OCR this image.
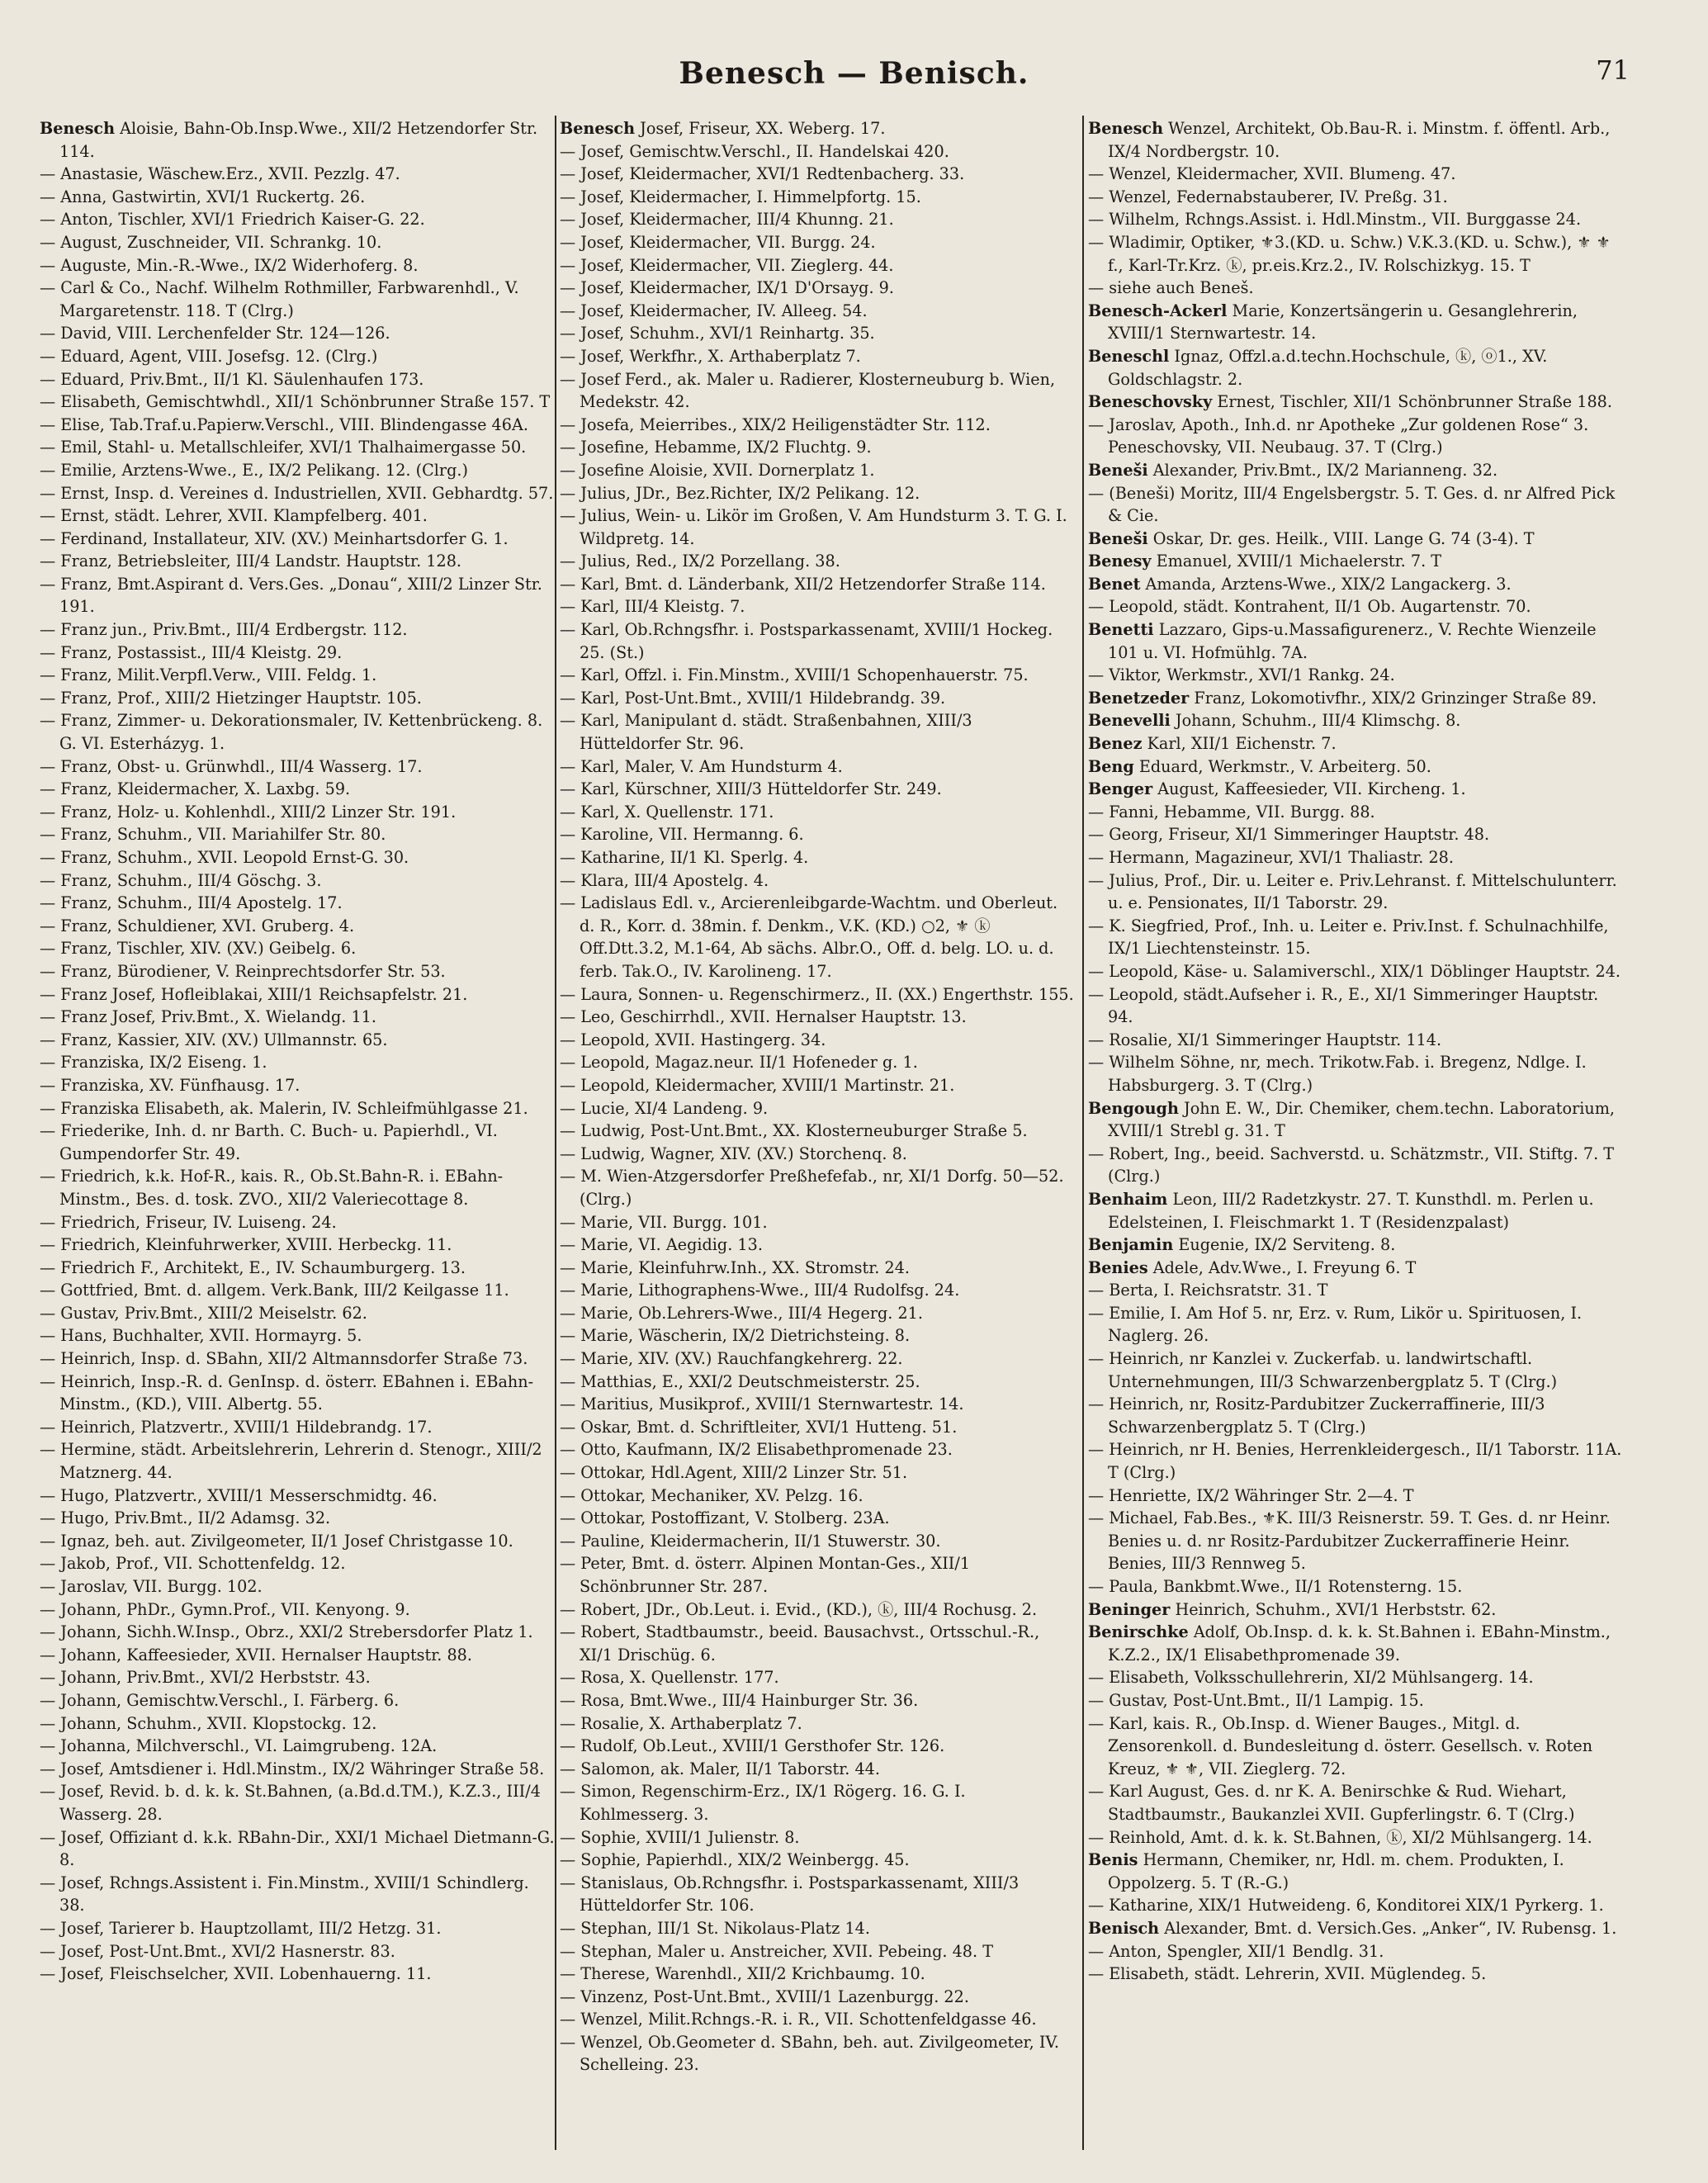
Benesch — Benisch.	71
Benesch Aloisie, Bahn-Ob.Insp.Wwe., XII/2 Hetzendorfer Str. 114.
— Anastasie, Wäschew.Erz., XVII. Pezzlg. 47.
— Anna, Gastwirtin, XVI/1 Ruckertg. 26.
— Anton, Tischler, XVI/1 Friedrich Kaiser-G. 22.
— August, Zuschneider, VII. Schrankg. 10.
— Auguste, Min.-R.-Wwe., IX/2 Widerhoferg. 8.
— Carl & Co., Nachf. Wilhelm Rothmiller, Farbwarenhdl., V. Margaretenstr. 118. T (Clrg.)
— David, VIII. Lerchenfelder Str. 124—126.
— Eduard, Agent, VIII. Josefsg. 12. (Clrg.)
— Eduard, Priv.Bmt., II/1 Kl. Säulenhaufen 173.
— Elisabeth, Gemischtwhdl., XII/1 Schönbrunner Straße 157. T
— Elise, Tab.Traf.u.Papierw.Verschl., VIII. Blindengasse 46A.
— Emil, Stahl- u. Metallschleifer, XVI/1 Thalhaimergasse 50.
— Emilie, Arztens-Wwe., E., IX/2 Pelikang. 12. (Clrg.)
— Ernst, Insp. d. Vereines d. Industriellen, XVII. Gebhardtg. 57.
— Ernst, städt. Lehrer, XVII. Klampfelberg. 401.
— Ferdinand, Installateur, XIV. (XV.) Meinhartsdorfer G. 1.
— Franz, Betriebsleiter, III/4 Landstr. Hauptstr. 128.
— Franz, Bmt.Aspirant d. Vers.Ges. „Donau“, XIII/2 Linzer Str. 191.
— Franz jun., Priv.Bmt., III/4 Erdbergstr. 112.
— Franz, Postassist., III/4 Kleistg. 29.
— Franz, Milit.Verpfl.Verw., VIII. Feldg. 1.
— Franz, Prof., XIII/2 Hietzinger Hauptstr. 105.
— Franz, Zimmer- u. Dekorationsmaler, IV. Kettenbrückeng. 8. G. VI. Esterházyg. 1.
— Franz, Obst- u. Grünwhdl., III/4 Wasserg. 17.
— Franz, Kleidermacher, X. Laxbg. 59.
— Franz, Holz- u. Kohlenhdl., XIII/2 Linzer Str. 191.
— Franz, Schuhm., VII. Mariahilfer Str. 80.
— Franz, Schuhm., XVII. Leopold Ernst-G. 30.
— Franz, Schuhm., III/4 Göschg. 3.
— Franz, Schuhm., III/4 Apostelg. 17.
— Franz, Schuldiener, XVI. Gruberg. 4.
— Franz, Tischler, XIV. (XV.) Geibelg. 6.
— Franz, Bürodiener, V. Reinprechtsdorfer Str. 53.
— Franz Josef, Hofleiblakai, XIII/1 Reichsapfelstr. 21.
— Franz Josef, Priv.Bmt., X. Wielandg. 11.
— Franz, Kassier, XIV. (XV.) Ullmannstr. 65.
— Franziska, IX/2 Eiseng. 1.
— Franziska, XV. Fünfhausg. 17.
— Franziska Elisabeth, ak. Malerin, IV. Schleifmühlgasse 21.
— Friederike, Inh. d. nr Barth. C. Buch- u. Papierhdl., VI. Gumpendorfer Str. 49.
— Friedrich, k.k. Hof-R., kais. R., Ob.St.Bahn-R. i. EBahn-Minstm., Bes. d. tosk. ZVO., XII/2 Valeriecottage 8.
— Friedrich, Friseur, IV. Luiseng. 24.
— Friedrich, Kleinfuhrwerker, XVIII. Herbeckg. 11.
— Friedrich F., Architekt, E., IV. Schaumburgerg. 13.
— Gottfried, Bmt. d. allgem. Verk.Bank, III/2 Keilgasse 11.
— Gustav, Priv.Bmt., XIII/2 Meiselstr. 62.
— Hans, Buchhalter, XVII. Hormayrg. 5.
— Heinrich, Insp. d. SBahn, XII/2 Altmannsdorfer Straße 73.
— Heinrich, Insp.-R. d. GenInsp. d. österr. EBahnen i. EBahn-Minstm., (KD.), VIII. Albertg. 55.
— Heinrich, Platzvertr., XVIII/1 Hildebrandg. 17.
— Hermine, städt. Arbeitslehrerin, Lehrerin d. Stenogr., XIII/2 Matznerg. 44.
— Hugo, Platzvertr., XVIII/1 Messerschmidtg. 46.
— Hugo, Priv.Bmt., II/2 Adamsg. 32.
— Ignaz, beh. aut. Zivilgeometer, II/1 Josef Christgasse 10.
— Jakob, Prof., VII. Schottenfeldg. 12.
— Jaroslav, VII. Burgg. 102.
— Johann, PhDr., Gymn.Prof., VII. Kenyong. 9.
— Johann, Sichh.W.Insp., Obrz., XXI/2 Strebersdorfer Platz 1.
— Johann, Kaffeesieder, XVII. Hernalser Hauptstr. 88.
— Johann, Priv.Bmt., XVI/2 Herbststr. 43.
— Johann, Gemischtw.Verschl., I. Färberg. 6.
— Johann, Schuhm., XVII. Klopstockg. 12.
— Johanna, Milchverschl., VI. Laimgrubeng. 12A.
— Josef, Amtsdiener i. Hdl.Minstm., IX/2 Währinger Straße 58.
— Josef, Revid. b. d. k. k. St.Bahnen, (a.Bd.d.TM.), K.Z.3., III/4 Wasserg. 28.
— Josef, Offiziant d. k.k. RBahn-Dir., XXI/1 Michael Dietmann-G. 8.
— Josef, Rchngs.Assistent i. Fin.Minstm., XVIII/1 Schindlerg. 38.
— Josef, Tarierer b. Hauptzollamt, III/2 Hetzg. 31.
— Josef, Post-Unt.Bmt., XVI/2 Hasnerstr. 83.
— Josef, Fleischselcher, XVII. Lobenhauerng. 11.
Benesch Josef, Friseur, XX. Weberg. 17.
— Josef, Gemischtw.Verschl., II. Handelskai 420.
— Josef, Kleidermacher, XVI/1 Redtenbacherg. 33.
— Josef, Kleidermacher, I. Himmelpfortg. 15.
— Josef, Kleidermacher, III/4 Khunng. 21.
— Josef, Kleidermacher, VII. Burgg. 24.
— Josef, Kleidermacher, VII. Zieglerg. 44.
— Josef, Kleidermacher, IX/1 D'Orsayg. 9.
— Josef, Kleidermacher, IV. Alleeg. 54.
— Josef, Schuhm., XVI/1 Reinhartg. 35.
— Josef, Werkfhr., X. Arthaberplatz 7.
— Josef Ferd., ak. Maler u. Radierer, Klosterneuburg b. Wien, Medekstr. 42.
— Josefa, Meierribes., XIX/2 Heiligenstädter Str. 112.
— Josefine, Hebamme, IX/2 Fluchtg. 9.
— Josefine Aloisie, XVII. Dornerplatz 1.
— Julius, JDr., Bez.Richter, IX/2 Pelikang. 12.
— Julius, Wein- u. Likör im Großen, V. Am Hundsturm 3. T. G. I. Wildpretg. 14.
— Julius, Red., IX/2 Porzellang. 38.
— Karl, Bmt. d. Länderbank, XII/2 Hetzendorfer Straße 114.
— Karl, III/4 Kleistg. 7.
— Karl, Ob.Rchngsfhr. i. Postsparkassenamt, XVIII/1 Hockeg. 25. (St.)
— Karl, Offzl. i. Fin.Minstm., XVIII/1 Schopenhauerstr. 75.
— Karl, Post-Unt.Bmt., XVIII/1 Hildebrandg. 39.
— Karl, Manipulant d. städt. Straßenbahnen, XIII/3 Hütteldorfer Str. 96.
— Karl, Maler, V. Am Hundsturm 4.
— Karl, Kürschner, XIII/3 Hütteldorfer Str. 249.
— Karl, X. Quellenstr. 171.
— Karoline, VII. Hermanng. 6.
— Katharine, II/1 Kl. Sperlg. 4.
— Klara, III/4 Apostelg. 4.
— Ladislaus Edl. v., Arcierenleibgarde-Wachtm. und Oberleut. d. R., Korr. d. 38min. f. Denkm., V.K. (KD.) ○2, ⚜ ⓚ Off.Dtt.3.2, M.1-64, Ab sächs. Albr.O., Off. d. belg. LO. u. d. ferb. Tak.O., IV. Karolineng. 17.
— Laura, Sonnen- u. Regenschirmerz., II. (XX.) Engerthstr. 155.
— Leo, Geschirrhdl., XVII. Hernalser Hauptstr. 13.
— Leopold, XVII. Hastingerg. 34.
— Leopold, Magaz.neur. II/1 Hofeneder g. 1.
— Leopold, Kleidermacher, XVIII/1 Martinstr. 21.
— Lucie, XI/4 Landeng. 9.
— Ludwig, Post-Unt.Bmt., XX. Klosterneuburger Straße 5.
— Ludwig, Wagner, XIV. (XV.) Storchenq. 8.
— M. Wien-Atzgersdorfer Preßhefefab., nr, XI/1 Dorfg. 50—52. (Clrg.)
— Marie, VII. Burgg. 101.
— Marie, VI. Aegidig. 13.
— Marie, Kleinfuhrw.Inh., XX. Stromstr. 24.
— Marie, Lithographens-Wwe., III/4 Rudolfsg. 24.
— Marie, Ob.Lehrers-Wwe., III/4 Hegerg. 21.
— Marie, Wäscherin, IX/2 Dietrichsteing. 8.
— Marie, XIV. (XV.) Rauchfangkehrerg. 22.
— Matthias, E., XXI/2 Deutschmeisterstr. 25.
— Maritius, Musikprof., XVIII/1 Sternwartestr. 14.
— Oskar, Bmt. d. Schriftleiter, XVI/1 Hutteng. 51.
— Otto, Kaufmann, IX/2 Elisabethpromenade 23.
— Ottokar, Hdl.Agent, XIII/2 Linzer Str. 51.
— Ottokar, Mechaniker, XV. Pelzg. 16.
— Ottokar, Postoffizant, V. Stolberg. 23A.
— Pauline, Kleidermacherin, II/1 Stuwerstr. 30.
— Peter, Bmt. d. österr. Alpinen Montan-Ges., XII/1 Schönbrunner Str. 287.
— Robert, JDr., Ob.Leut. i. Evid., (KD.), ⓚ, III/4 Rochusg. 2.
— Robert, Stadtbaumstr., beeid. Bausachvst., Ortsschul.-R., XI/1 Drischüg. 6.
— Rosa, X. Quellenstr. 177.
— Rosa, Bmt.Wwe., III/4 Hainburger Str. 36.
— Rosalie, X. Arthaberplatz 7.
— Rudolf, Ob.Leut., XVIII/1 Gersthofer Str. 126.
— Salomon, ak. Maler, II/1 Taborstr. 44.
— Simon, Regenschirm-Erz., IX/1 Rögerg. 16. G. I. Kohlmesserg. 3.
— Sophie, XVIII/1 Julienstr. 8.
— Sophie, Papierhdl., XIX/2 Weinbergg. 45.
— Stanislaus, Ob.Rchngsfhr. i. Postsparkassenamt, XIII/3 Hütteldorfer Str. 106.
— Stephan, III/1 St. Nikolaus-Platz 14.
— Stephan, Maler u. Anstreicher, XVII. Pebeing. 48. T
— Therese, Warenhdl., XII/2 Krichbaumg. 10.
— Vinzenz, Post-Unt.Bmt., XVIII/1 Lazenburgg. 22.
— Wenzel, Milit.Rchngs.-R. i. R., VII. Schottenfeldgasse 46.
— Wenzel, Ob.Geometer d. SBahn, beh. aut. Zivilgeometer, IV. Schelleing. 23.
Benesch Wenzel, Architekt, Ob.Bau-R. i. Minstm. f. öffentl. Arb., IX/4 Nordbergstr. 10.
— Wenzel, Kleidermacher, XVII. Blumeng. 47.
— Wenzel, Federnabstauberer, IV. Preßg. 31.
— Wilhelm, Rchngs.Assist. i. Hdl.Minstm., VII. Burggasse 24.
— Wladimir, Optiker, ⚜3.(KD. u. Schw.) V.K.3.(KD. u. Schw.), ⚜ ⚜ f., Karl-Tr.Krz. ⓚ, pr.eis.Krz.2., IV. Rolschizkyg. 15. T
— siehe auch Beneš.
Benesch-Ackerl Marie, Konzertsängerin u. Gesanglehrerin, XVIII/1 Sternwartestr. 14.
Beneschl Ignaz, Offzl.a.d.techn.Hochschule, ⓚ, ⓞ1., XV. Goldschlagstr. 2.
Beneschovsky Ernest, Tischler, XII/1 Schönbrunner Straße 188.
— Jaroslav, Apoth., Inh.d. nr Apotheke „Zur goldenen Rose“ 3. Peneschovsky, VII. Neubaug. 37. T (Clrg.)
Beneši Alexander, Priv.Bmt., IX/2 Marianneng. 32.
— (Beneši) Moritz, III/4 Engelsbergstr. 5. T. Ges. d. nr Alfred Pick & Cie.
Beneši Oskar, Dr. ges. Heilk., VIII. Lange G. 74 (3-4). T
Benesy Emanuel, XVIII/1 Michaelerstr. 7. T
Benet Amanda, Arztens-Wwe., XIX/2 Langackerg. 3.
— Leopold, städt. Kontrahent, II/1 Ob. Augartenstr. 70.
Benetti Lazzaro, Gips-u.Massafigurenerz., V. Rechte Wienzeile 101 u. VI. Hofmühlg. 7A.
— Viktor, Werkmstr., XVI/1 Rankg. 24.
Benetzeder Franz, Lokomotivfhr., XIX/2 Grinzinger Straße 89.
Benevelli Johann, Schuhm., III/4 Klimschg. 8.
Benez Karl, XII/1 Eichenstr. 7.
Beng Eduard, Werkmstr., V. Arbeiterg. 50.
Benger August, Kaffeesieder, VII. Kircheng. 1.
— Fanni, Hebamme, VII. Burgg. 88.
— Georg, Friseur, XI/1 Simmeringer Hauptstr. 48.
— Hermann, Magazineur, XVI/1 Thaliastr. 28.
— Julius, Prof., Dir. u. Leiter e. Priv.Lehranst. f. Mittelschulunterr. u. e. Pensionates, II/1 Taborstr. 29.
— K. Siegfried, Prof., Inh. u. Leiter e. Priv.Inst. f. Schulnachhilfe, IX/1 Liechtensteinstr. 15.
— Leopold, Käse- u. Salamiverschl., XIX/1 Döblinger Hauptstr. 24.
— Leopold, städt.Aufseher i. R., E., XI/1 Simmeringer Hauptstr. 94.
— Rosalie, XI/1 Simmeringer Hauptstr. 114.
— Wilhelm Söhne, nr, mech. Trikotw.Fab. i. Bregenz, Ndlge. I. Habsburgerg. 3. T (Clrg.)
Bengough John E. W., Dir. Chemiker, chem.techn. Laboratorium, XVIII/1 Strebl g. 31. T
— Robert, Ing., beeid. Sachverstd. u. Schätzmstr., VII. Stiftg. 7. T (Clrg.)
Benhaim Leon, III/2 Radetzkystr. 27. T. Kunsthdl. m. Perlen u. Edelsteinen, I. Fleischmarkt 1. T (Residenzpalast)
Benjamin Eugenie, IX/2 Serviteng. 8.
Benies Adele, Adv.Wwe., I. Freyung 6. T
— Berta, I. Reichsratstr. 31. T
— Emilie, I. Am Hof 5. nr, Erz. v. Rum, Likör u. Spirituosen, I. Naglerg. 26.
— Heinrich, nr Kanzlei v. Zuckerfab. u. landwirtschaftl. Unternehmungen, III/3 Schwarzenbergplatz 5. T (Clrg.)
— Heinrich, nr, Rositz-Pardubitzer Zuckerraffinerie, III/3 Schwarzenbergplatz 5. T (Clrg.)
— Heinrich, nr H. Benies, Herrenkleidergesch., II/1 Taborstr. 11A. T (Clrg.)
— Henriette, IX/2 Währinger Str. 2—4. T
— Michael, Fab.Bes., ⚜K. III/3 Reisnerstr. 59. T. Ges. d. nr Heinr. Benies u. d. nr Rositz-Pardubitzer Zuckerraffinerie Heinr. Benies, III/3 Rennweg 5.
— Paula, Bankbmt.Wwe., II/1 Rotensterng. 15.
Beninger Heinrich, Schuhm., XVI/1 Herbststr. 62.
Benirschke Adolf, Ob.Insp. d. k. k. St.Bahnen i. EBahn-Minstm., K.Z.2., IX/1 Elisabethpromenade 39.
— Elisabeth, Volksschullehrerin, XI/2 Mühlsangerg. 14.
— Gustav, Post-Unt.Bmt., II/1 Lampig. 15.
— Karl, kais. R., Ob.Insp. d. Wiener Bauges., Mitgl. d. Zensorenkoll. d. Bundesleitung d. österr. Gesellsch. v. Roten Kreuz, ⚜ ⚜, VII. Zieglerg. 72.
— Karl August, Ges. d. nr K. A. Benirschke & Rud. Wiehart, Stadtbaumstr., Baukanzlei XVII. Gupferlingstr. 6. T (Clrg.)
— Reinhold, Amt. d. k. k. St.Bahnen, ⓚ, XI/2 Mühlsangerg. 14.
Benis Hermann, Chemiker, nr, Hdl. m. chem. Produkten, I. Oppolzerg. 5. T (R.-G.)
— Katharine, XIX/1 Hutweideng. 6, Konditorei XIX/1 Pyrkerg. 1.
Benisch Alexander, Bmt. d. Versich.Ges. „Anker“, IV. Rubensg. 1.
— Anton, Spengler, XII/1 Bendlg. 31.
— Elisabeth, städt. Lehrerin, XVII. Müglendeg. 5.
